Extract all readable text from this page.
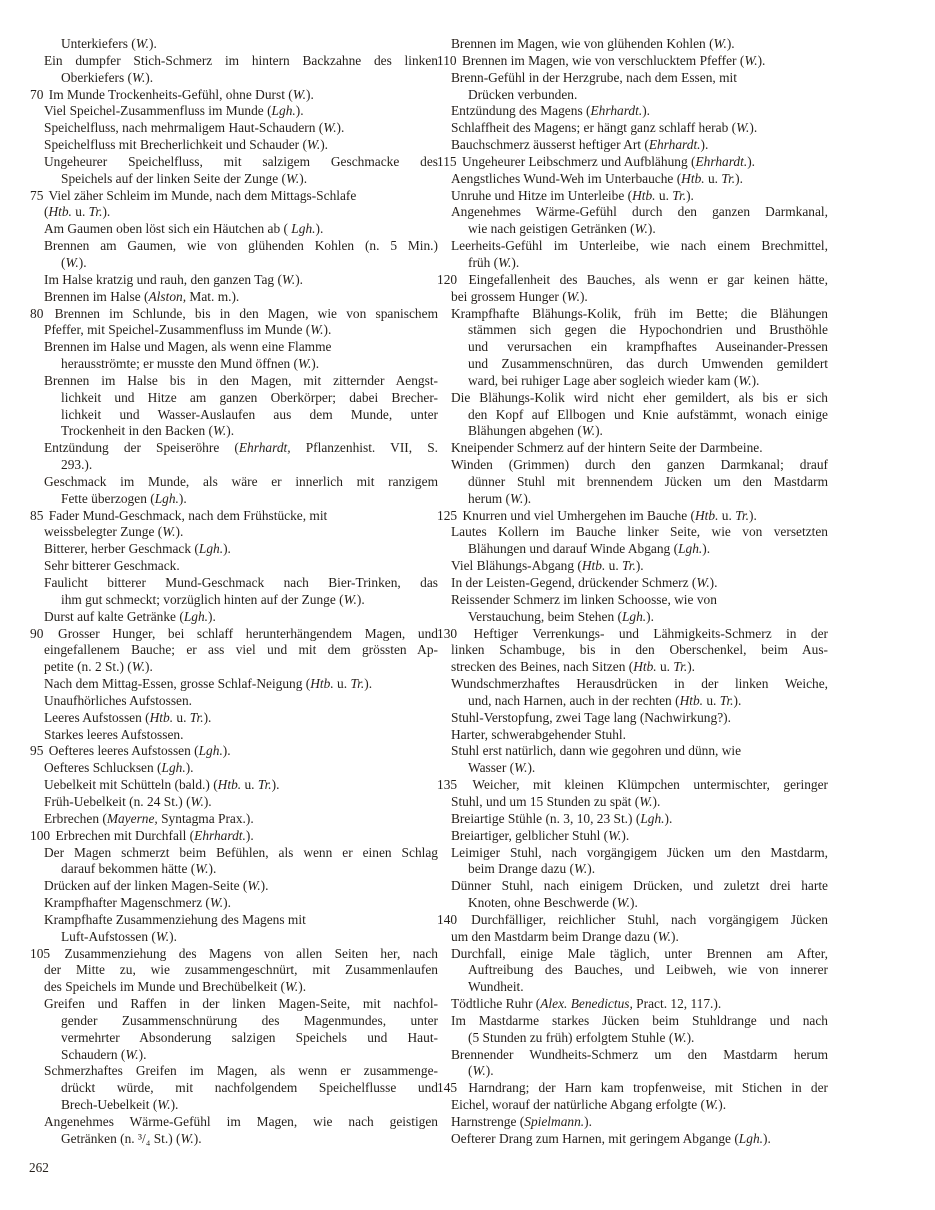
Unterkiefers (W.).
Ein dumpfer Stich-Schmerz im hintern Backzahne des linken
Oberkiefers (W.).
70 Im Munde Trockenheits-Gefühl, ohne Durst (W.).
Viel Speichel-Zusammenfluss im Munde (Lgh.).
Speichelfluss, nach mehrmaligem Haut-Schaudern (W.).
Speichelfluss mit Brecherlichkeit und Schauder (W.).
Ungeheurer Speichelfluss, mit salzigem Geschmacke des
Speichels auf der linken Seite der Zunge (W.).
75 Viel zäher Schleim im Munde, nach dem Mittags-Schlafe
(Htb. u. Tr.).
Am Gaumen oben löst sich ein Häutchen ab ( Lgh.).
Brennen am Gaumen, wie von glühenden Kohlen (n. 5 Min.)
(W.).
Im Halse kratzig und rauh, den ganzen Tag (W.).
Brennen im Halse (Alston, Mat. m.).
80 Brennen im Schlunde, bis in den Magen, wie von spanischem
Pfeffer, mit Speichel-Zusammenfluss im Munde (W.).
Brennen im Halse und Magen, als wenn eine Flamme
herausströmte; er musste den Mund öffnen (W.).
Brennen im Halse bis in den Magen, mit zitternder Aengst-
lichkeit und Hitze am ganzen Oberkörper; dabei Brecher-
lichkeit und Wasser-Auslaufen aus dem Munde, unter
Trockenheit in den Backen (W.).
Entzündung der Speiseröhre (Ehrhardt, Pflanzenhist. VII, S.
293.).
Geschmack im Munde, als wäre er innerlich mit ranzigem
Fette überzogen (Lgh.).
85 Fader Mund-Geschmack, nach dem Frühstücke, mit
weissbelegter Zunge (W.).
Bitterer, herber Geschmack (Lgh.).
Sehr bitterer Geschmack.
Faulicht bitterer Mund-Geschmack nach Bier-Trinken, das
ihm gut schmeckt; vorzüglich hinten auf der Zunge (W.).
Durst auf kalte Getränke (Lgh.).
90 Grosser Hunger, bei schlaff herunterhängendem Magen, und
eingefallenem Bauche; er ass viel und mit dem grössten Ap-
petite (n. 2 St.) (W.).
Nach dem Mittag-Essen, grosse Schlaf-Neigung (Htb. u. Tr.).
Unaufhörliches Aufstossen.
Leeres Aufstossen (Htb. u. Tr.).
Starkes leeres Aufstossen.
95 Oefteres leeres Aufstossen (Lgh.).
Oefteres Schlucksen (Lgh.).
Uebelkeit mit Schütteln (bald.) (Htb. u. Tr.).
Früh-Uebelkeit (n. 24 St.) (W.).
Erbrechen (Mayerne, Syntagma Prax.).
100 Erbrechen mit Durchfall (Ehrhardt.).
Der Magen schmerzt beim Befühlen, als wenn er einen Schlag
darauf bekommen hätte (W.).
Drücken auf der linken Magen-Seite (W.).
Krampfhafter Magenschmerz (W.).
Krampfhafte Zusammenziehung des Magens mit
Luft-Aufstossen (W.).
105 Zusammenziehung des Magens von allen Seiten her, nach
der Mitte zu, wie zusammengeschnürt, mit Zusammenlaufen
des Speichels im Munde und Brechübelkeit (W.).
Greifen und Raffen in der linken Magen-Seite, mit nachfol-
gender Zusammenschnürung des Magenmundes, unter
vermehrter Absonderung salzigen Speichels und Haut-
Schaudern (W.).
Schmerzhaftes Greifen im Magen, als wenn er zusammenge-
drückt würde, mit nachfolgendem Speichelflusse und
Brech-Uebelkeit (W.).
Angenehmes Wärme-Gefühl im Magen, wie nach geistigen
Getränken (n. ³/₄ St.) (W.).
Brennen im Magen, wie von glühenden Kohlen (W.).
110 Brennen im Magen, wie von verschlucktem Pfeffer (W.).
Brenn-Gefühl in der Herzgrube, nach dem Essen, mit
Drücken verbunden.
Entzündung des Magens (Ehrhardt.).
Schlaffheit des Magens; er hängt ganz schlaff herab (W.).
Bauchschmerz äusserst heftiger Art (Ehrhardt.).
115 Ungeheurer Leibschmerz und Aufblähung (Ehrhardt.).
Aengstliches Wund-Weh im Unterbauche (Htb. u. Tr.).
Unruhe und Hitze im Unterleibe (Htb. u. Tr.).
Angenehmes Wärme-Gefühl durch den ganzen Darmkanal,
wie nach geistigen Getränken (W.).
Leerheits-Gefühl im Unterleibe, wie nach einem Brechmittel,
früh (W.).
120 Eingefallenheit des Bauches, als wenn er gar keinen hätte,
bei grossem Hunger (W.).
Krampfhafte Blähungs-Kolik, früh im Bette; die Blähungen
stämmen sich gegen die Hypochondrien und Brusthöhle
und verursachen ein krampfhaftes Auseinander-Pressen
und Zusammenschnüren, das durch Umwenden gemildert
ward, bei ruhiger Lage aber sogleich wieder kam (W.).
Die Blähungs-Kolik wird nicht eher gemildert, als bis er sich
den Kopf auf Ellbogen und Knie aufstämmt, wonach einige
Blähungen abgehen (W.).
Kneipender Schmerz auf der hintern Seite der Darmbeine.
Winden (Grimmen) durch den ganzen Darmkanal; drauf
dünner Stuhl mit brennendem Jücken um den Mastdarm
herum (W.).
125 Knurren und viel Umhergehen im Bauche (Htb. u. Tr.).
Lautes Kollern im Bauche linker Seite, wie von versetzten
Blähungen und darauf Winde Abgang (Lgh.).
Viel Blähungs-Abgang (Htb. u. Tr.).
In der Leisten-Gegend, drückender Schmerz (W.).
Reissender Schmerz im linken Schoosse, wie von
Verstauchung, beim Stehen (Lgh.).
130 Heftiger Verrenkungs- und Lähmigkeits-Schmerz in der
linken Schambuge, bis in den Oberschenkel, beim Aus-
strecken des Beines, nach Sitzen (Htb. u. Tr.).
Wundschmerzhaftes Herausdrücken in der linken Weiche,
und, nach Harnen, auch in der rechten (Htb. u. Tr.).
Stuhl-Verstopfung, zwei Tage lang (Nachwirkung?).
Harter, schwerabgehender Stuhl.
Stuhl erst natürlich, dann wie gegohren und dünn, wie
Wasser (W.).
135 Weicher, mit kleinen Klümpchen untermischter, geringer
Stuhl, und um 15 Stunden zu spät (W.).
Breiartige Stühle (n. 3, 10, 23 St.) (Lgh.).
Breiartiger, gelblicher Stuhl (W.).
Leimiger Stuhl, nach vorgängigem Jücken um den Mastdarm,
beim Drange dazu (W.).
Dünner Stuhl, nach einigem Drücken, und zuletzt drei harte
Knoten, ohne Beschwerde (W.).
140 Durchfälliger, reichlicher Stuhl, nach vorgängigem Jücken
um den Mastdarm beim Drange dazu (W.).
Durchfall, einige Male täglich, unter Brennen am After,
Auftreibung des Bauches, und Leibweh, wie von innerer
Wundheit.
Tödtliche Ruhr (Alex. Benedictus, Pract. 12, 117.).
Im Mastdarme starkes Jücken beim Stuhldrange und nach
(5 Stunden zu früh) erfolgtem Stuhle (W.).
Brennender Wundheits-Schmerz um den Mastdarm herum
(W.).
145 Harndrang; der Harn kam tropfenweise, mit Stichen in der
Eichel, worauf der natürliche Abgang erfolgte (W.).
Harnstrenge (Spielmann.).
Oefterer Drang zum Harnen, mit geringem Abgange (Lgh.).
262
